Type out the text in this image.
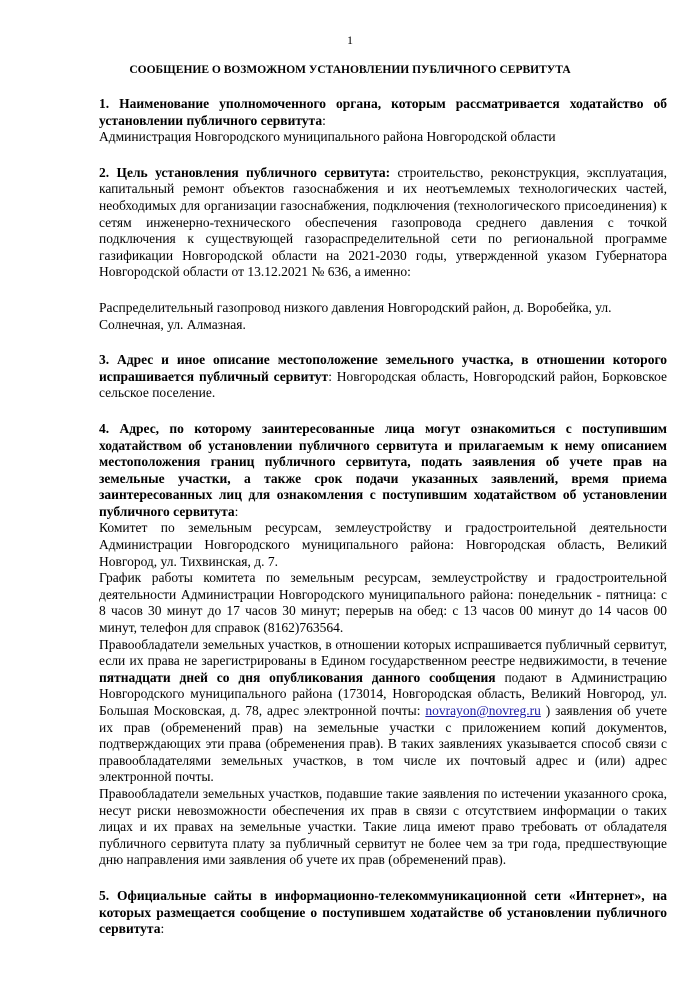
1
СООБЩЕНИЕ О ВОЗМОЖНОМ УСТАНОВЛЕНИИ ПУБЛИЧНОГО СЕРВИТУТА

1. Наименование уполномоченного органа, которым рассматривается ходатайство об установлении публичного сервитута:
Администрация Новгородского муниципального района Новгородской области

2. Цель установления публичного сервитута: строительство, реконструкция, эксплуатация, капитальный ремонт объектов газоснабжения и их неотъемлемых технологических частей, необходимых для организации газоснабжения, подключения (технологического присоединения) к сетям инженерно-технического обеспечения газопровода среднего давления с точкой подключения к существующей газораспределительной сети по региональной программе газификации Новгородской области на 2021-2030 годы, утвержденной указом Губернатора Новгородской области от 13.12.2021 № 636, а именно:

Распределительный газопровод низкого давления Новгородский район, д. Воробейка, ул. Солнечная, ул. Алмазная.

3. Адрес и иное описание местоположение земельного участка, в отношении которого испрашивается публичный сервитут: Новгородская область, Новгородский район, Борковское сельское поселение.

4. Адрес, по которому заинтересованные лица могут ознакомиться с поступившим ходатайством об установлении публичного сервитута и прилагаемым к нему описанием местоположения границ публичного сервитута, подать заявления об учете прав на земельные участки, а также срок подачи указанных заявлений, время приема заинтересованных лиц для ознакомления с поступившим ходатайством об установлении публичного сервитута:

Комитет по земельным ресурсам, землеустройству и градостроительной деятельности Администрации Новгородского муниципального района: Новгородская область, Великий Новгород, ул. Тихвинская, д. 7.

График работы комитета по земельным ресурсам, землеустройству и градостроительной деятельности Администрации Новгородского муниципального района: понедельник - пятница: с 8 часов 30 минут до 17 часов 30 минут; перерыв на обед: с 13 часов 00 минут до 14 часов 00 минут, телефон для справок (8162)763564.

Правообладатели земельных участков, в отношении которых испрашивается публичный сервитут, если их права не зарегистрированы в Едином государственном реестре недвижимости, в течение пятнадцати дней со дня опубликования данного сообщения подают в Администрацию Новгородского муниципального района (173014, Новгородская область, Великий Новгород, ул. Большая Московская, д. 78, адрес электронной почты: novrayon@novreg.ru ) заявления об учете их прав (обременений прав) на земельные участки с приложением копий документов, подтверждающих эти права (обременения прав). В таких заявлениях указывается способ связи с правообладателями земельных участков, в том числе их почтовый адрес и (или) адрес электронной почты.

Правообладатели земельных участков, подавшие такие заявления по истечении указанного срока, несут риски невозможности обеспечения их прав в связи с отсутствием информации о таких лицах и их правах на земельные участки. Такие лица имеют право требовать от обладателя публичного сервитута плату за публичный сервитут не более чем за три года, предшествующие дню направления ими заявления об учете их прав (обременений прав).

5. Официальные сайты в информационно-телекоммуникационной сети «Интернет», на которых размещается сообщение о поступившем ходатайстве об установлении публичного сервитута:
